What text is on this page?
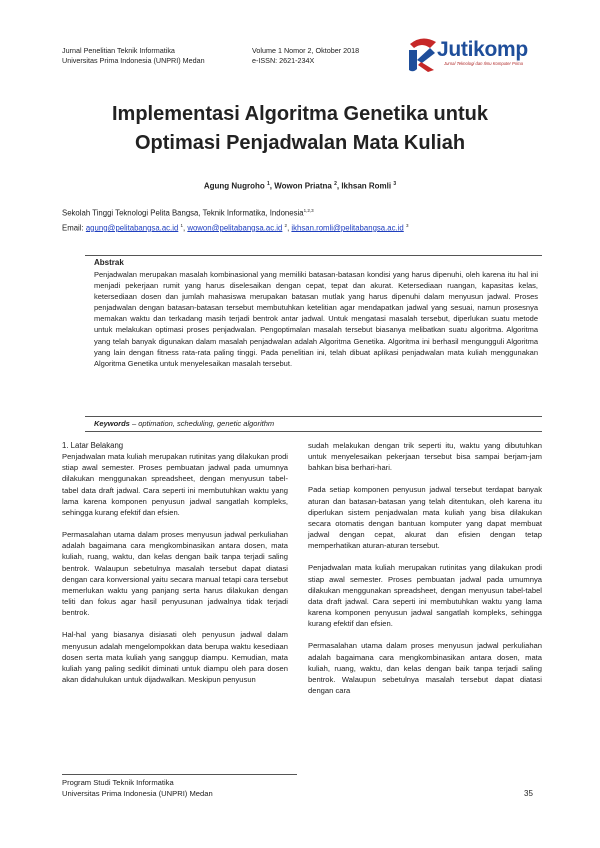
Jurnal Penelitian Teknik Informatika
Universitas Prima Indonesia (UNPRI) Medan
Volume 1 Nomor 2, Oktober 2018
e-ISSN: 2621-234X	Jutikomp
Jurnal Teknologi dan Ilmu Komputer Prima
Implementasi Algoritma Genetika untuk
Optimasi Penjadwalan Mata Kuliah
Agung Nugroho $^1$, Wowon Priatna $^2$, Ikhsan Romli $^3$
Sekolah Tinggi Teknologi Pelita Bangsa, Teknik Informatika, Indonesia$^{1,2,3}$
Email: agung@pelitabangsa.ac.id $^1$, wowon@pelitabangsa.ac.id $^2$, ikhsan.romli@pelitabangsa.ac.id $^3$
Abstrak
Penjadwalan merupakan masalah kombinasional yang memiliki batasan-batasan kondisi yang harus dipenuhi, oleh karena itu hal ini menjadi pekerjaan rumit yang harus diselesaikan dengan cepat, tepat dan akurat. Ketersediaan ruangan, kapasitas kelas, ketersediaan dosen dan jumlah mahasiswa merupakan batasan mutlak yang harus dipenuhi dalam menyusun jadwal. Proses penjadwalan dengan batasan-batasan tersebut membutuhkan ketelitian agar mendapatkan jadwal yang sesuai, namun prosesnya memakan waktu dan terkadang masih terjadi bentrok antar jadwal. Untuk mengatasi masalah tersebut, diperlukan suatu metode untuk melakukan optimasi proses penjadwalan. Pengoptimalan masalah tersebut biasanya melibatkan suatu algoritma. Algoritma yang telah banyak digunakan dalam masalah penjadwalan adalah Algoritma Genetika. Algoritma ini berhasil mengungguli Algoritma yang lain dengan fitness rata-rata paling tinggi. Pada penelitian ini, telah dibuat aplikasi penjadwalan mata kuliah menggunakan Algoritma Genetika untuk menyelesaikan masalah tersebut.
Keywords – optimation, scheduling, genetic algorithm
1. Latar Belakang

Penjadwalan mata kuliah merupakan rutinitas yang dilakukan prodi stiap awal semester. Proses pembuatan jadwal pada umumnya dilakukan menggunakan spreadsheet, dengan menyusun tabel-tabel data draft jadwal. Cara seperti ini membutuhkan waktu yang lama karena komponen penyusun jadwal sangatlah kompleks, sehingga kurang efektif dan efsien.

Permasalahan utama dalam proses menyusun jadwal perkuliahan adalah bagaimana cara mengkombinasikan antara dosen, mata kuliah, ruang, waktu, dan kelas dengan baik tanpa terjadi saling bentrok. Walaupun sebetulnya masalah tersebut dapat diatasi dengan cara konversional yaitu secara manual tetapi cara tersebut memerlukan waktu yang panjang serta harus dilakukan dengan teliti dan fokus agar hasil penyusunan jadwalnya tidak terjadi bentrok.

Hal-hal yang biasanya disiasati oleh penyusun jadwal dalam menyusun adalah mengelompokkan data berupa waktu kesediaan dosen serta mata kuliah yang sanggup diampu. Kemudian, mata kuliah yang paling sedikit diminati untuk diampu oleh para dosen akan didahulukan untuk dijadwalkan. Meskipun penyusun

sudah melakukan dengan trik seperti itu, waktu yang dibutuhkan untuk menyelesaikan pekerjaan tersebut bisa sampai berjam-jam bahkan bisa berhari-hari.

Pada setiap komponen penyusun jadwal tersebut terdapat banyak aturan dan batasan-batasan yang telah ditentukan, oleh karena itu diperlukan sistem penjadwalan mata kuliah yang bisa dilakukan secara otomatis dengan bantuan komputer yang dapat membuat jadwal dengan cepat, akurat dan efisien dengan tetap memperhatikan aturan-aturan tersebut.

Penjadwalan mata kuliah merupakan rutinitas yang dilakukan prodi stiap awal semester. Proses pembuatan jadwal pada umumnya dilakukan menggunakan spreadsheet, dengan menyusun tabel-tabel data draft jadwal. Cara seperti ini membutuhkan waktu yang lama karena komponen penyusun jadwal sangatlah kompleks, sehingga kurang efektif dan efsien.

Permasalahan utama dalam proses menyusun jadwal perkuliahan adalah bagaimana cara mengkombinasikan antara dosen, mata kuliah, ruang, waktu, dan kelas dengan baik tanpa terjadi saling bentrok. Walaupun sebetulnya masalah tersebut dapat diatasi dengan cara

Program Studi Teknik Informatika
Universitas Prima Indonesia (UNPRI) Medan	35
